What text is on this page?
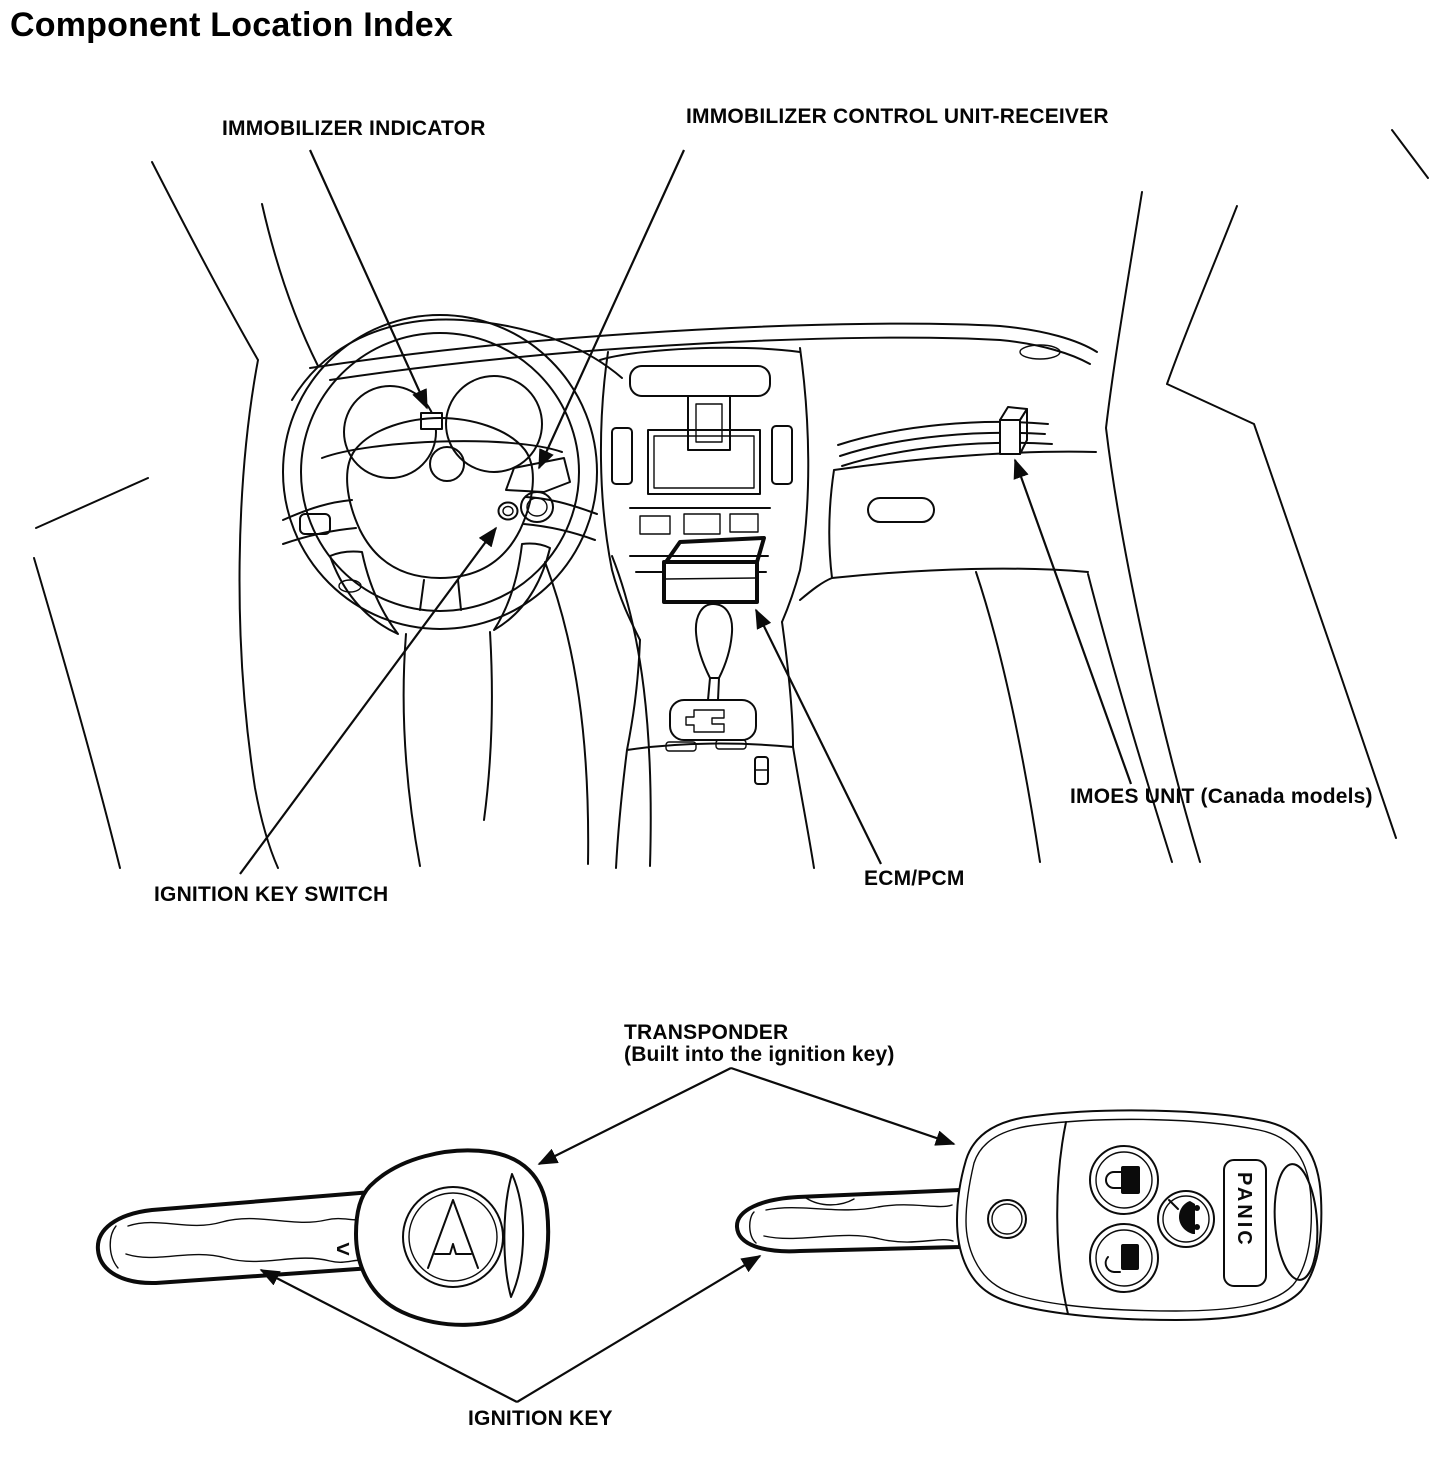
Component Location Index
<
PANIC
IMMOBILIZER INDICATOR
IMMOBILIZER CONTROL UNIT-RECEIVER
IMOES UNIT (Canada models)
IGNITION KEY SWITCH
ECM/PCM
TRANSPONDER
(Built into the ignition key)
IGNITION KEY
